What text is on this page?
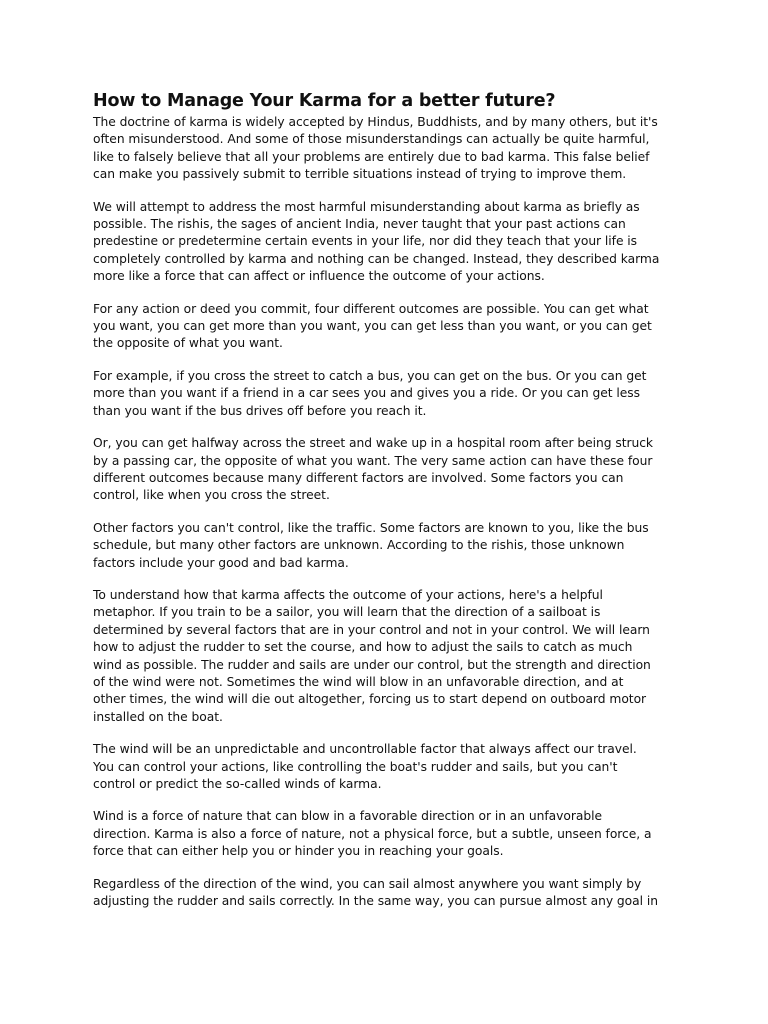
How to Manage Your Karma for a better future?

The doctrine of karma is widely accepted by Hindus, Buddhists, and by many others, but it's
often misunderstood. And some of those misunderstandings can actually be quite harmful,
like to falsely believe that all your problems are entirely due to bad karma. This false belief
can make you passively submit to terrible situations instead of trying to improve them.

We will attempt to address the most harmful misunderstanding about karma as briefly as
possible. The rishis, the sages of ancient India, never taught that your past actions can
predestine or predetermine certain events in your life, nor did they teach that your life is
completely controlled by karma and nothing can be changed. Instead, they described karma
more like a force that can affect or influence the outcome of your actions.

For any action or deed you commit, four different outcomes are possible. You can get what
you want, you can get more than you want, you can get less than you want, or you can get
the opposite of what you want.

For example, if you cross the street to catch a bus, you can get on the bus. Or you can get
more than you want if a friend in a car sees you and gives you a ride. Or you can get less
than you want if the bus drives off before you reach it.

Or, you can get halfway across the street and wake up in a hospital room after being struck
by a passing car, the opposite of what you want. The very same action can have these four
different outcomes because many different factors are involved. Some factors you can
control, like when you cross the street.

Other factors you can't control, like the traffic. Some factors are known to you, like the bus
schedule, but many other factors are unknown. According to the rishis, those unknown
factors include your good and bad karma.

To understand how that karma affects the outcome of your actions, here's a helpful
metaphor. If you train to be a sailor, you will learn that the direction of a sailboat is
determined by several factors that are in your control and not in your control. We will learn
how to adjust the rudder to set the course, and how to adjust the sails to catch as much
wind as possible. The rudder and sails are under our control, but the strength and direction
of the wind were not. Sometimes the wind will blow in an unfavorable direction, and at
other times, the wind will die out altogether, forcing us to start depend on outboard motor
installed on the boat.

The wind will be an unpredictable and uncontrollable factor that always affect our travel.
You can control your actions, like controlling the boat's rudder and sails, but you can't
control or predict the so-called winds of karma.

Wind is a force of nature that can blow in a favorable direction or in an unfavorable
direction. Karma is also a force of nature, not a physical force, but a subtle, unseen force, a
force that can either help you or hinder you in reaching your goals.

Regardless of the direction of the wind, you can sail almost anywhere you want simply by
adjusting the rudder and sails correctly. In the same way, you can pursue almost any goal in
